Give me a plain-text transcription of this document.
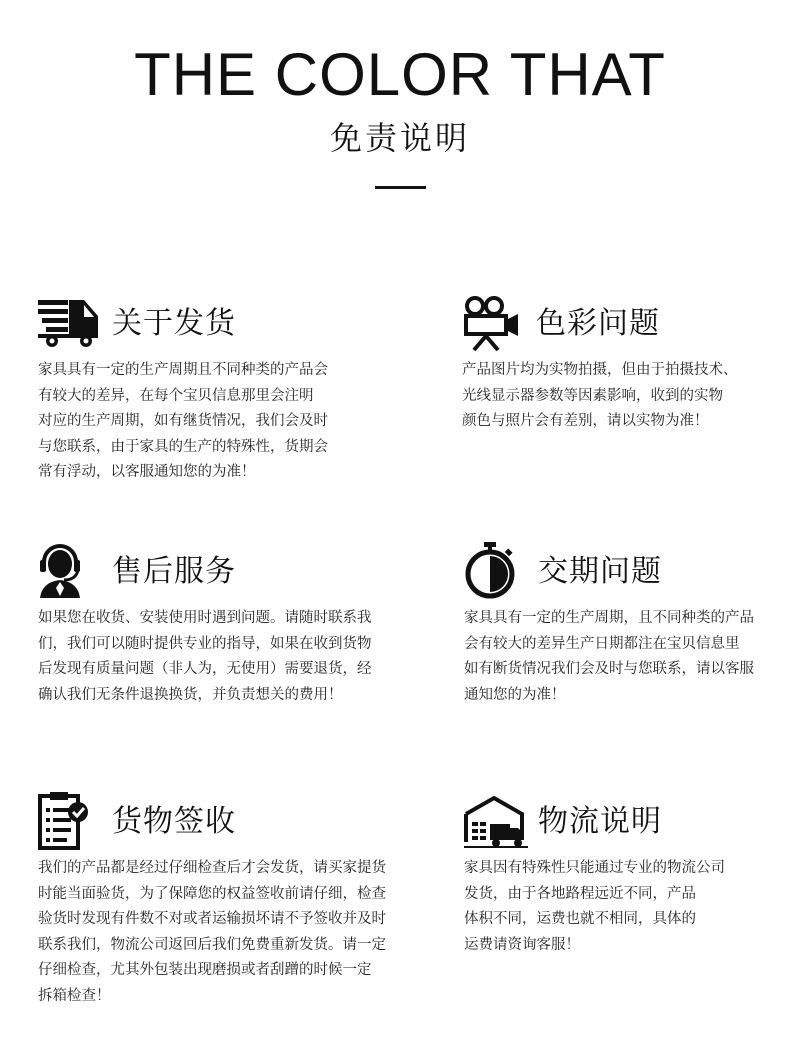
THE COLOR THAT
免责说明
关于发货
家具具有一定的生产周期且不同种类的产品会
有较大的差异，在每个宝贝信息那里会注明
对应的生产周期，如有继货情况，我们会及时
与您联系，由于家具的生产的特殊性，货期会
常有浮动，以客服通知您的为准！
色彩问题
产品图片均为实物拍摄，但由于拍摄技术、
光线显示器参数等因素影响，收到的实物
颜色与照片会有差别，请以实物为准！
售后服务
如果您在收货、安装使用时遇到问题。请随时联系我
们，我们可以随时提供专业的指导，如果在收到货物
后发现有质量问题（非人为，无使用）需要退货，经
确认我们无条件退换换货，并负责想关的费用！
交期问题
家具具有一定的生产周期，且不同种类的产品
会有较大的差异生产日期都注在宝贝信息里
如有断货情况我们会及时与您联系，请以客服
通知您的为准！
货物签收
我们的产品都是经过仔细检查后才会发货，请买家提货
时能当面验货，为了保障您的权益签收前请仔细，检查
验货时发现有件数不对或者运输损坏请不予签收并及时
联系我们，物流公司返回后我们免费重新发货。请一定
仔细检查，尤其外包装出现磨损或者刮蹭的时候一定
拆箱检查！
物流说明
家具因有特殊性只能通过专业的物流公司
发货，由于各地路程远近不同，产品
体积不同，运费也就不相同，具体的
运费请资询客服！
